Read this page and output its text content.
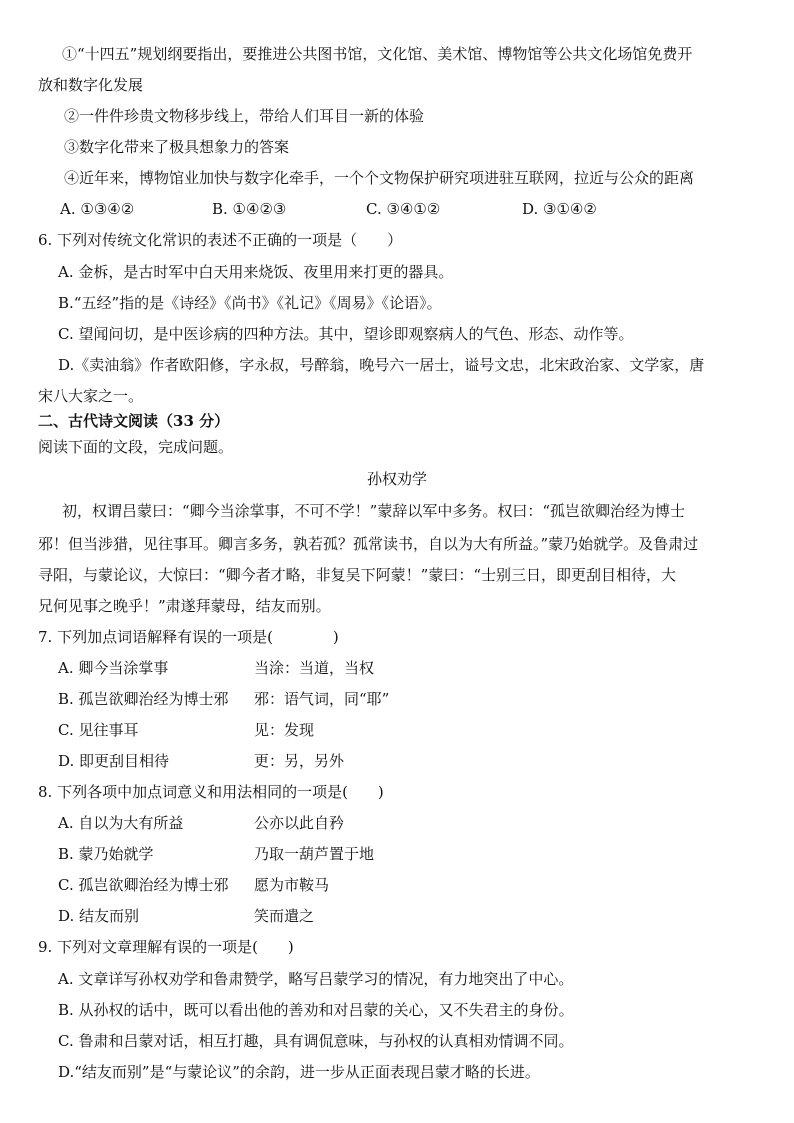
①“十四五”规划纲要指出，要推进公共图书馆，文化馆、美术馆、博物馆等公共文化场馆免费开
放和数字化发展
②一件件珍贵文物移步线上，带给人们耳目一新的体验
③数字化带来了极具想象力的答案
④近年来，博物馆业加快与数字化牵手，一个个文物保护研究项进驻互联网，拉近与公众的距离
A. ①③④②	B. ①④②③	C. ③④①②	D. ③①④②
6. 下列对传统文化常识的表述不正确的一项是（　　）
A. 金柝，是古时军中白天用来烧饭、夜里用来打更的器具。
B.“五经”指的是《诗经》《尚书》《礼记》《周易》《论语》。
C. 望闻问切，是中医诊病的四种方法。其中，望诊即观察病人的气色、形态、动作等。
D.《卖油翁》作者欧阳修，字永叔，号醉翁，晚号六一居士，谥号文忠，北宋政治家、文学家，唐
宋八大家之一。
二、古代诗文阅读（33 分）
阅读下面的文段，完成问题。
孙权劝学
初，权谓吕蒙曰：“卿今当涂掌事，不可不学！”蒙辞以军中多务。权曰：“孤岂欲卿治经为博士
邪！但当涉猎，见往事耳。卿言多务，孰若孤？孤常读书，自以为大有所益。”蒙乃始就学。及鲁肃过
寻阳，与蒙论议，大惊曰：“卿今者才略，非复吴下阿蒙！”蒙曰：“士别三日，即更刮目相待，大
兄何见事之晚乎！”肃遂拜蒙母，结友而别。
7. 下列加点词语解释有误的一项是(　　　　)
A. 卿今当涂掌事	当涂：当道，当权
B. 孤岂欲卿治经为博士邪 邪：语气词，同“耶”
C. 见往事耳	见：发现
D. 即更刮目相待	更：另，另外
8. 下列各项中加点词意义和用法相同的一项是(　　)
A. 自以为大有所益	公亦以此自矜
B. 蒙乃始就学	乃取一葫芦置于地
C. 孤岂欲卿治经为博士邪 愿为市鞍马
D. 结友而别	笑而遣之
9. 下列对文章理解有误的一项是(　　)
A. 文章详写孙权劝学和鲁肃赞学，略写吕蒙学习的情况，有力地突出了中心。
B. 从孙权的话中，既可以看出他的善劝和对吕蒙的关心，又不失君主的身份。
C. 鲁肃和吕蒙对话，相互打趣，具有调侃意味，与孙权的认真相劝情调不同。
D.“结友而别”是“与蒙论议”的余韵，进一步从正面表现吕蒙才略的长进。
